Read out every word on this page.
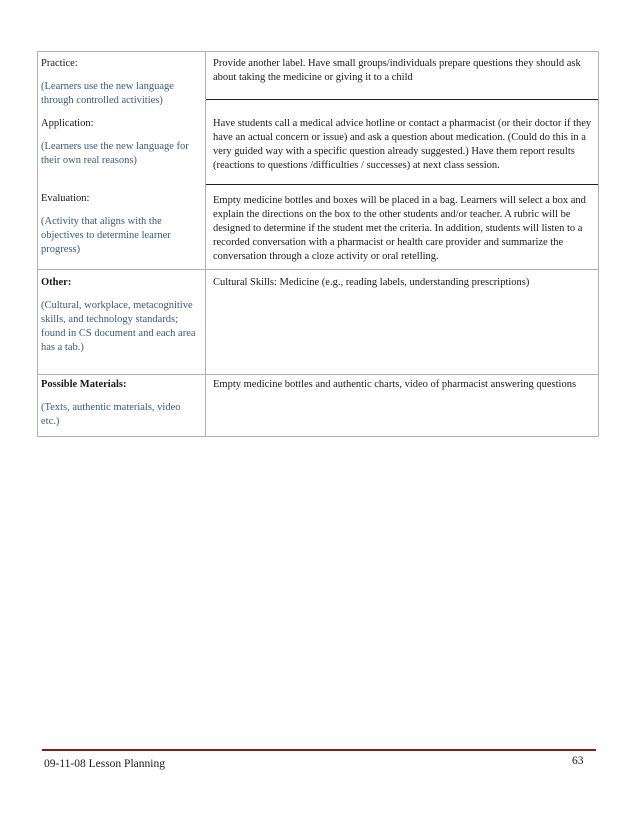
Practice:

(Learners use the new language through controlled activities)

Provide another label. Have small groups/individuals prepare questions they should ask about taking the medicine or giving it to a child

Application:

(Learners use the new language for their own real reasons)

Have students call a medical advice hotline or contact a pharmacist (or their doctor if they have an actual concern or issue) and ask a question about medication. (Could do this in a very guided way with a specific question already suggested.) Have them report results (reactions to questions /difficulties / successes) at next class session.

Evaluation:

(Activity that aligns with the objectives to determine learner progress)

Empty medicine bottles and boxes will be placed in a bag. Learners will select a box and explain the directions on the box to the other students and/or teacher. A rubric will be designed to determine if the student met the criteria. In addition, students will listen to a recorded conversation with a pharmacist or health care provider and summarize the conversation through a cloze activity or oral retelling.

Other:

(Cultural, workplace, metacognitive skills, and technology standards; found in CS document and each area has a tab.)

Cultural Skills: Medicine (e.g., reading labels, understanding prescriptions)

Possible Materials:

(Texts, authentic materials, video etc.)

Empty medicine bottles and authentic charts, video of pharmacist answering questions
09-11-08 Lesson Planning	63
